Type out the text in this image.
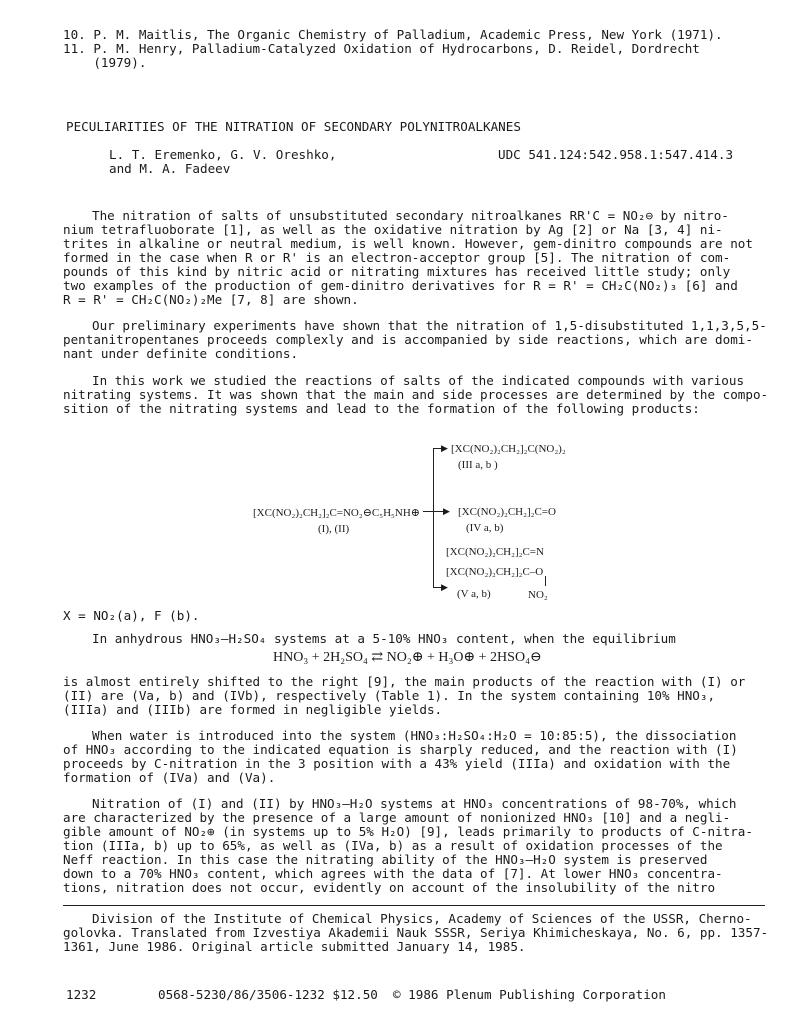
10. P. M. Maitlis, The Organic Chemistry of Palladium, Academic Press, New York (1971).
11. P. M. Henry, Palladium-Catalyzed Oxidation of Hydrocarbons, D. Reidel, Dordrecht
(1979).
PECULIARITIES OF THE NITRATION OF SECONDARY POLYNITROALKANES
L. T. Eremenko, G. V. Oreshko,
and M. A. Fadeev
UDC 541.124:542.958.1:547.414.3
The nitration of salts of unsubstituted secondary nitroalkanes RR'C = NO₂⊖ by nitro-
nium tetrafluoborate [1], as well as the oxidative nitration by Ag [2] or Na [3, 4] ni-
trites in alkaline or neutral medium, is well known. However, gem-dinitro compounds are not
formed in the case when R or R' is an electron-acceptor group [5]. The nitration of com-
pounds of this kind by nitric acid or nitrating mixtures has received little study; only
two examples of the production of gem-dinitro derivatives for R = R' = CH₂C(NO₂)₃ [6] and
R = R' = CH₂C(NO₂)₂Me [7, 8] are shown.
Our preliminary experiments have shown that the nitration of 1,5-disubstituted 1,1,3,5,5-
pentanitropentanes proceeds complexly and is accompanied by side reactions, which are domi-
nant under definite conditions.
In this work we studied the reactions of salts of the indicated compounds with various
nitrating systems. It was shown that the main and side processes are determined by the compo-
sition of the nitrating systems and lead to the formation of the following products:
[XC(NO₂)₂CH₂]₂C=NO₂⊖C₅H₅NH⊕
(I), (II)
▶ [XC(NO₂)₂CH₂]₂C(NO₂)₂
(III a, b )
▶ [XC(NO₂)₂CH₂]₂C=O
(IV a, b)
[XC(NO₂)₂CH₂]₂C=N
[XC(NO₂)₂CH₂]₂C–O
▶
(V a, b)	NO₂
X = NO₂(a), F (b).
In anhydrous HNO₃–H₂SO₄ systems at a 5-10% HNO₃ content, when the equilibrium
HNO₃ + 2H₂SO₄ ⇄ NO₂⊕ + H₃O⊕ + 2HSO₄⊖
is almost entirely shifted to the right [9], the main products of the reaction with (I) or
(II) are (Va, b) and (IVb), respectively (Table 1). In the system containing 10% HNO₃,
(IIIa) and (IIIb) are formed in negligible yields.
When water is introduced into the system (HNO₃:H₂SO₄:H₂O = 10:85:5), the dissociation
of HNO₃ according to the indicated equation is sharply reduced, and the reaction with (I)
proceeds by C-nitration in the 3 position with a 43% yield (IIIa) and oxidation with the
formation of (IVa) and (Va).
Nitration of (I) and (II) by HNO₃–H₂O systems at HNO₃ concentrations of 98-70%, which
are characterized by the presence of a large amount of nonionized HNO₃ [10] and a negli-
gible amount of NO₂⊕ (in systems up to 5% H₂O) [9], leads primarily to products of C-nitra-
tion (IIIa, b) up to 65%, as well as (IVa, b) as a result of oxidation processes of the
Neff reaction. In this case the nitrating ability of the HNO₃–H₂O system is preserved
down to a 70% HNO₃ content, which agrees with the data of [7]. At lower HNO₃ concentra-
tions, nitration does not occur, evidently on account of the insolubility of the nitro
Division of the Institute of Chemical Physics, Academy of Sciences of the USSR, Cherno-
golovka. Translated from Izvestiya Akademii Nauk SSSR, Seriya Khimicheskaya, No. 6, pp. 1357-
1361, June 1986. Original article submitted January 14, 1985.
1232	0568-5230/86/3506-1232 $12.50 © 1986 Plenum Publishing Corporation
